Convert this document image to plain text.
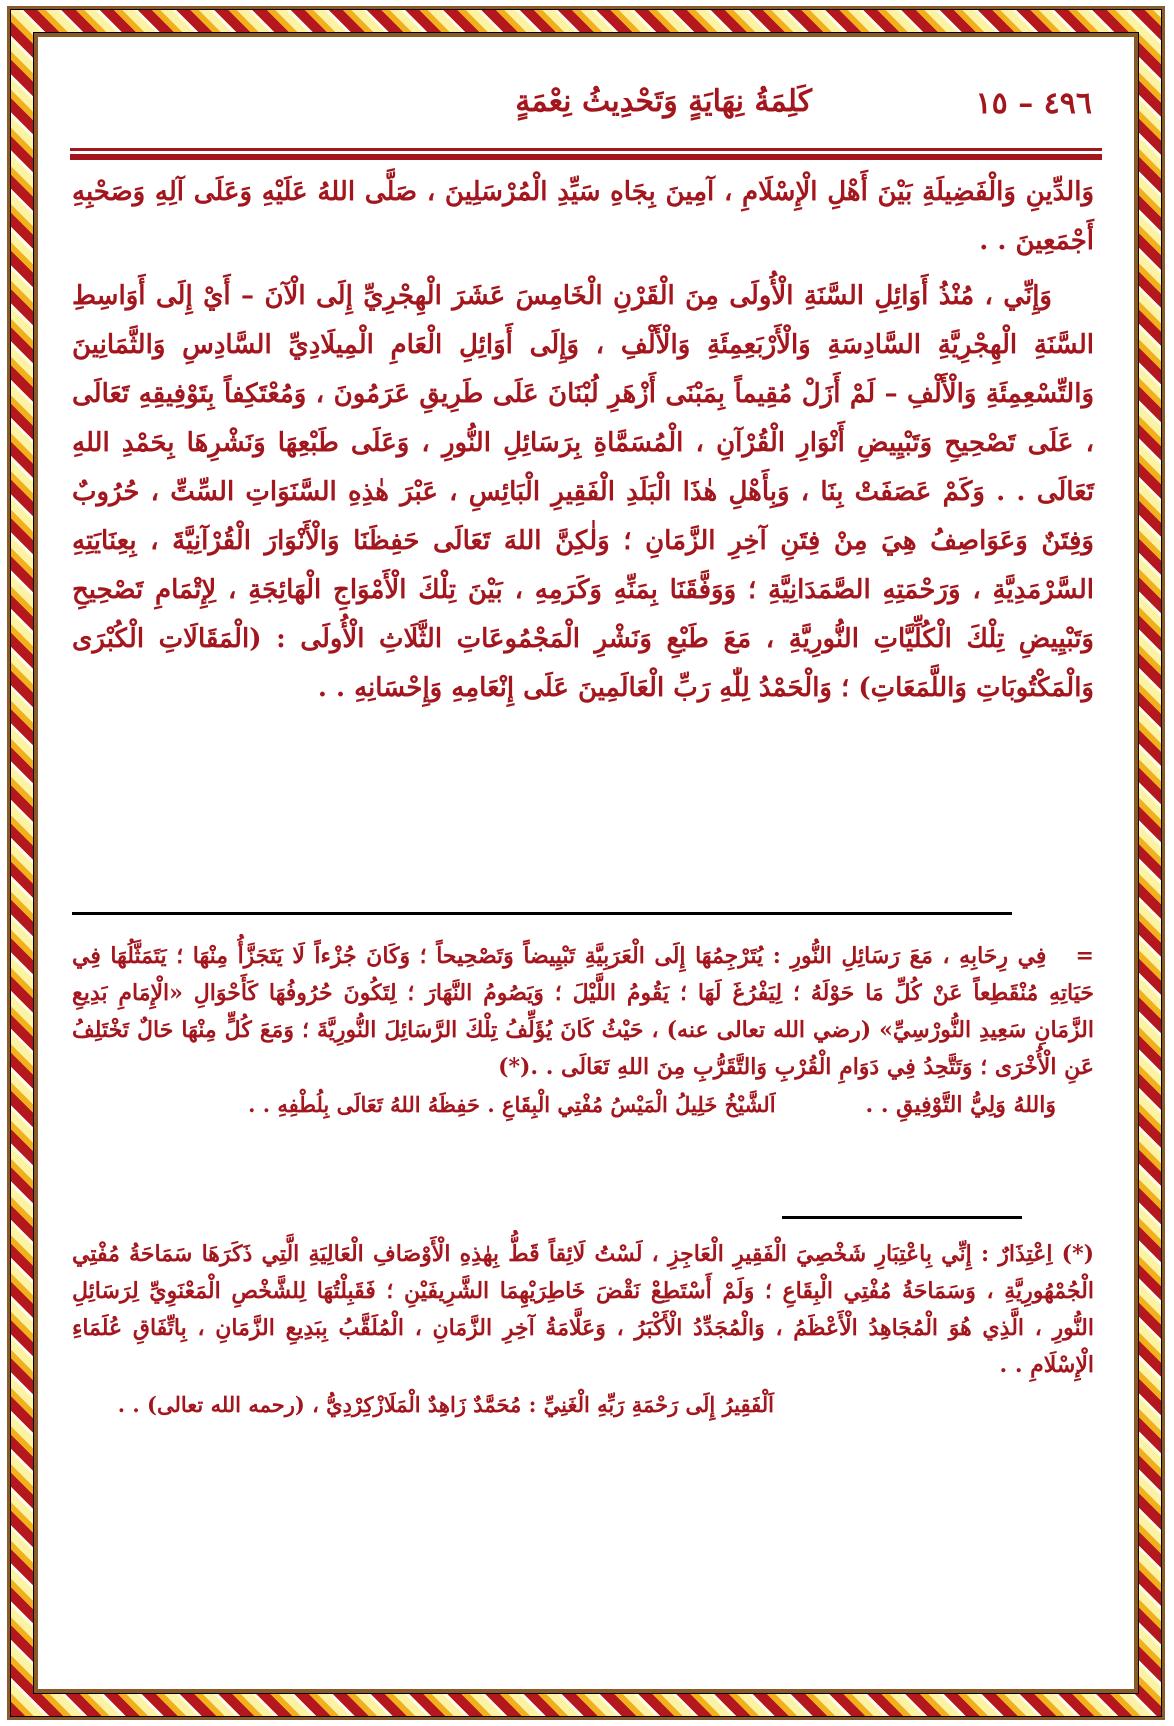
٤٩٦ – ١٥
كَلِمَةُ نِهَايَةٍ وَتَحْدِيثُ نِعْمَةٍ

وَالدِّينِ وَالْفَضِيلَةِ بَيْنَ أَهْلِ الْإِسْلَامِ ، آمِينَ بِجَاهِ سَيِّدِ الْمُرْسَلِينَ ، صَلَّى اللهُ عَلَيْهِ وَعَلَى آلِهِ وَصَحْبِهِ أَجْمَعِينَ . .

وَإِنِّي ، مُنْذُ أَوَائِلِ السَّنَةِ الْأُولَى مِنَ الْقَرْنِ الْخَامِسَ عَشَرَ الْهِجْرِيِّ إِلَى الْآنَ – أَيْ إِلَى أَوَاسِطِ السَّنَةِ الْهِجْرِيَّةِ السَّادِسَةِ وَالْأَرْبَعِمِئَةِ وَالْأَلْفِ ، وَإِلَى أَوَائِلِ الْعَامِ الْمِيلَادِيِّ السَّادِسِ وَالثَّمَانِينَ وَالتِّسْعِمِئَةِ وَالْأَلْفِ – لَمْ أَزَلْ مُقِيماً بِمَبْنَى أَزْهَرِ لُبْنَانَ عَلَى طَرِيقِ عَرَمُونَ ، وَمُعْتَكِفاً بِتَوْفِيقِهِ تَعَالَى ، عَلَى تَصْحِيحِ وَتَبْيِيضِ أَنْوَارِ الْقُرْآنِ ، الْمُسَمَّاةِ بِرَسَائِلِ النُّورِ ، وَعَلَى طَبْعِهَا وَنَشْرِهَا بِحَمْدِ اللهِ تَعَالَى . . وَكَمْ عَصَفَتْ بِنَا ، وَبِأَهْلِ هٰذَا الْبَلَدِ الْفَقِيرِ الْبَائِسِ ، عَبْرَ هٰذِهِ السَّنَوَاتِ السِّتِّ ، حُرُوبٌ وَفِتَنٌ وَعَوَاصِفُ هِيَ مِنْ فِتَنِ آخِرِ الزَّمَانِ ؛ وَلٰكِنَّ اللهَ تَعَالَى حَفِظَنَا وَالْأَنْوَارَ الْقُرْآنِيَّةَ ، بِعِنَايَتِهِ السَّرْمَدِيَّةِ ، وَرَحْمَتِهِ الصَّمَدَانِيَّةِ ؛ وَوَفَّقَنَا بِمَنِّهِ وَكَرَمِهِ ، بَيْنَ تِلْكَ الْأَمْوَاجِ الْهَائِجَةِ ، لِإِتْمَامِ تَصْحِيحِ وَتَبْيِيضِ تِلْكَ الْكُلِّيَّاتِ النُّورِيَّةِ ، مَعَ طَبْعِ وَنَشْرِ الْمَجْمُوعَاتِ الثَّلَاثِ الْأُولَى : (الْمَقَالَاتِ الْكُبْرَى وَالْمَكْتُوبَاتِ وَاللَّمَعَاتِ) ؛ وَالْحَمْدُ لِلّٰهِ رَبِّ الْعَالَمِينَ عَلَى إِنْعَامِهِ وَإِحْسَانِهِ . .

= فِي رِحَابِهِ ، مَعَ رَسَائِلِ النُّورِ : يُتَرْجِمُهَا إِلَى الْعَرَبِيَّةِ تَبْيِيضاً وَتَصْحِيحاً ؛ وَكَانَ جُزْءاً لَا يَتَجَزَّأُ مِنْهَا ؛ يَتَمَثَّلُهَا فِي حَيَاتِهِ مُنْقَطِعاً عَنْ كُلِّ مَا حَوْلَهُ ؛ لِيَفْرُغَ لَهَا ؛ يَقُومُ اللَّيْلَ ؛ وَيَصُومُ النَّهَارَ ؛ لِتَكُونَ حُرُوفُهَا كَأَحْوَالِ «الْإِمَامِ بَدِيعِ الزَّمَانِ سَعِيدِ النُّورْسِيِّ» (رضي الله تعالى عنه) ، حَيْثُ كَانَ يُؤَلِّفُ تِلْكَ الرَّسَائِلَ النُّورِيَّةَ ؛ وَمَعَ كُلٍّ مِنْهَا حَالٌ تَخْتَلِفُ عَنِ الْأُخْرَى ؛ وَتَتَّحِدُ فِي دَوَامِ الْقُرْبِ وَالتَّقَرُّبِ مِنَ اللهِ تَعَالَى . .(*)

وَاللهُ وَلِيُّ التَّوْفِيقِ . .
اَلشَّيْخُ خَلِيلُ الْمَيْسُ مُفْتِي الْبِقَاعِ . حَفِظَهُ اللهُ تَعَالَى بِلُطْفِهِ . .

(*) اِعْتِذَارٌ : إِنِّي بِاعْتِبَارِ شَخْصِيَ الْفَقِيرِ الْعَاجِزِ ، لَسْتُ لَائِقاً قَطُّ بِهٰذِهِ الْأَوْصَافِ الْعَالِيَةِ الَّتِي ذَكَرَهَا سَمَاحَةُ مُفْتِي الْجُمْهُورِيَّةِ ، وَسَمَاحَةُ مُفْتِي الْبِقَاعِ ؛ وَلَمْ أَسْتَطِعْ نَقْضَ خَاطِرَيْهِمَا الشَّرِيفَيْنِ ؛ فَقَبِلْتُهَا لِلشَّخْصِ الْمَعْنَوِيِّ لِرَسَائِلِ النُّورِ ، الَّذِي هُوَ الْمُجَاهِدُ الْأَعْظَمُ ، وَالْمُجَدِّدُ الْأَكْبَرُ ، وَعَلَّامَةُ آخِرِ الزَّمَانِ ، الْمُلَقَّبُ بِبَدِيعِ الزَّمَانِ ، بِاتِّفَاقِ عُلَمَاءِ الْإِسْلَامِ . .

اَلْفَقِيرُ إِلَى رَحْمَةِ رَبِّهِ الْغَنِيِّ : مُحَمَّدٌ زَاهِدٌ الْمَلَازْكِرْدِيُّ ، (رحمه الله تعالى) . .
